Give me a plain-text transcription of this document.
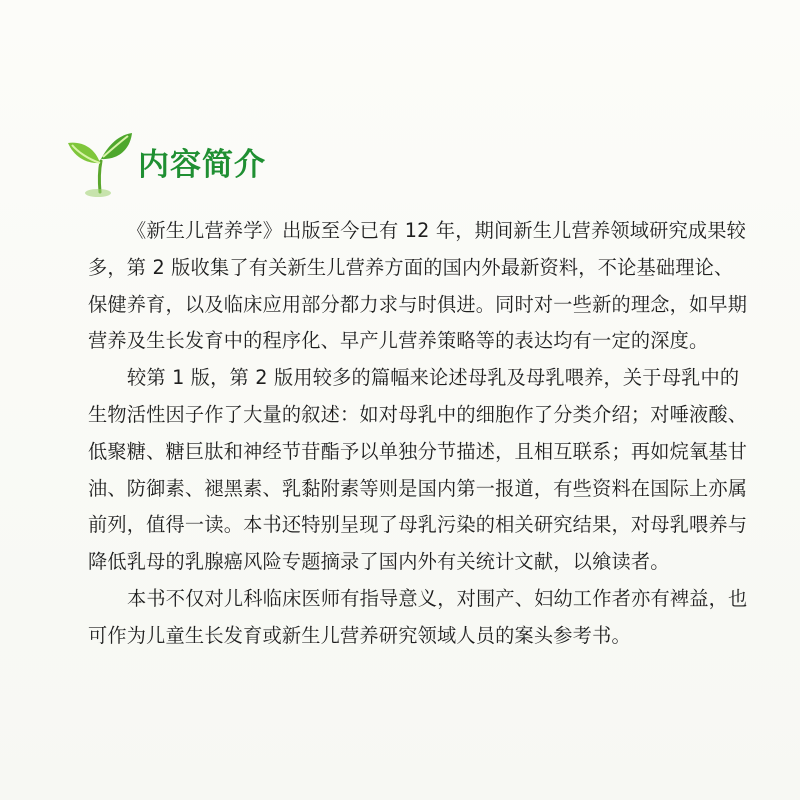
内容简介

《新生儿营养学》出版至今已有 12 年，期间新生儿营养领域研究成果较多，第 2 版收集了有关新生儿营养方面的国内外最新资料，不论基础理论、保健养育，以及临床应用部分都力求与时俱进。同时对一些新的理念，如早期营养及生长发育中的程序化、早产儿营养策略等的表达均有一定的深度。

较第 1 版，第 2 版用较多的篇幅来论述母乳及母乳喂养，关于母乳中的生物活性因子作了大量的叙述：如对母乳中的细胞作了分类介绍；对唾液酸、低聚糖、糖巨肽和神经节苷酯予以单独分节描述，且相互联系；再如烷氧基甘油、防御素、褪黑素、乳黏附素等则是国内第一报道，有些资料在国际上亦属前列，值得一读。本书还特别呈现了母乳污染的相关研究结果，对母乳喂养与降低乳母的乳腺癌风险专题摘录了国内外有关统计文献，以飨读者。

本书不仅对儿科临床医师有指导意义，对围产、妇幼工作者亦有裨益，也可作为儿童生长发育或新生儿营养研究领域人员的案头参考书。
